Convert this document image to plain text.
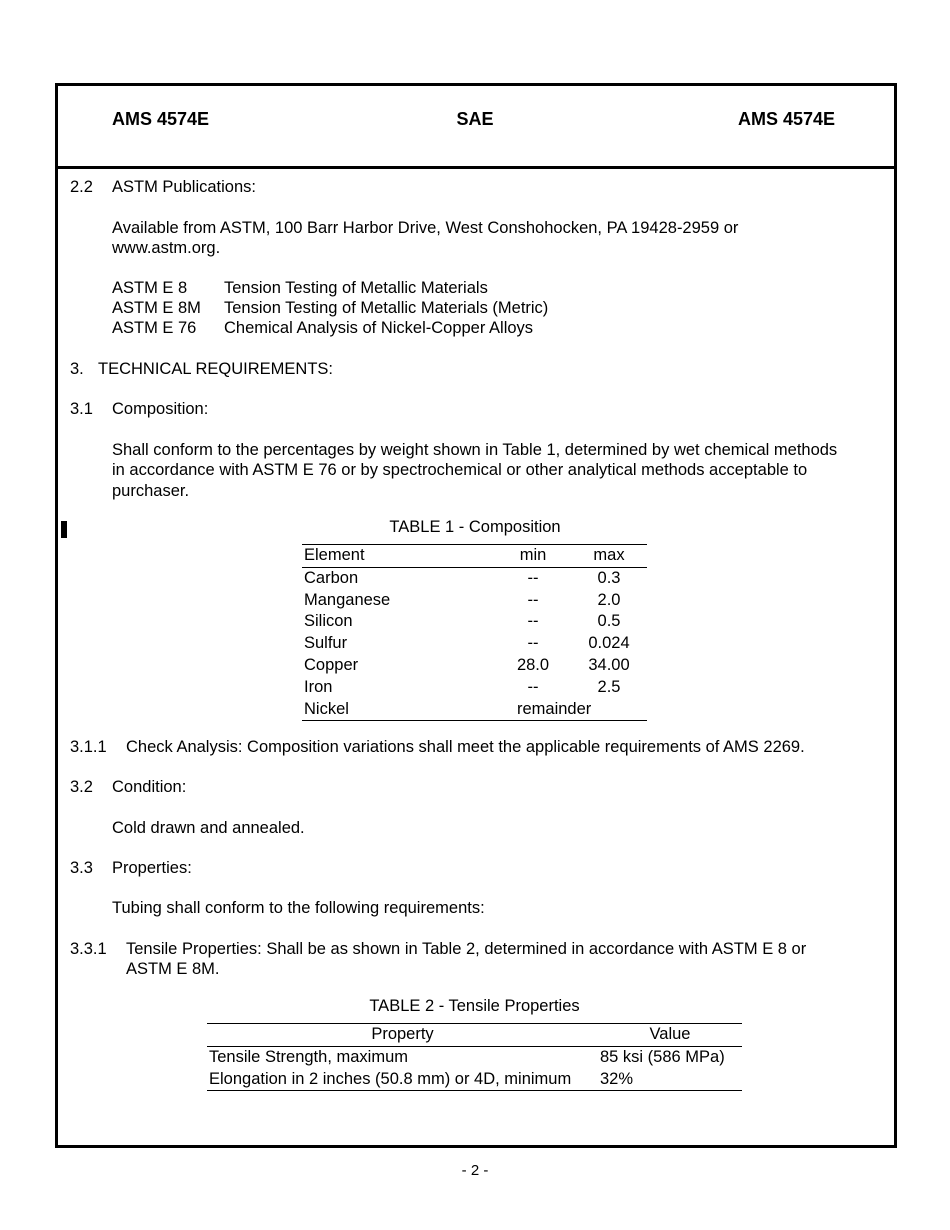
AMS 4574E	SAE	AMS 4574E
2.2 ASTM Publications:
Available from ASTM, 100 Barr Harbor Drive, West Conshohocken, PA 19428-2959 or
www.astm.org.
ASTM E 8 Tension Testing of Metallic Materials
ASTM E 8M Tension Testing of Metallic Materials (Metric)
ASTM E 76 Chemical Analysis of Nickel-Copper Alloys
3. TECHNICAL REQUIREMENTS:
3.1 Composition:
Shall conform to the percentages by weight shown in Table 1, determined by wet chemical methods
in accordance with ASTM E 76 or by spectrochemical or other analytical methods acceptable to
purchaser.
TABLE 1 - Composition
Element	min	max
Carbon	--	0.3
Manganese	--	2.0
Silicon	--	0.5
Sulfur	--	0.024
Copper	28.0	34.00
Iron	--	2.5
Nickel	remainder	
3.1.1 Check Analysis: Composition variations shall meet the applicable requirements of AMS 2269.
3.2 Condition:
Cold drawn and annealed.
3.3 Properties:
Tubing shall conform to the following requirements:
3.3.1 Tensile Properties: Shall be as shown in Table 2, determined in accordance with ASTM E 8 or
ASTM E 8M.
TABLE 2 - Tensile Properties
Property	Value
Tensile Strength, maximum	85 ksi (586 MPa)
Elongation in 2 inches (50.8 mm) or 4D, minimum	32%
- 2 -
